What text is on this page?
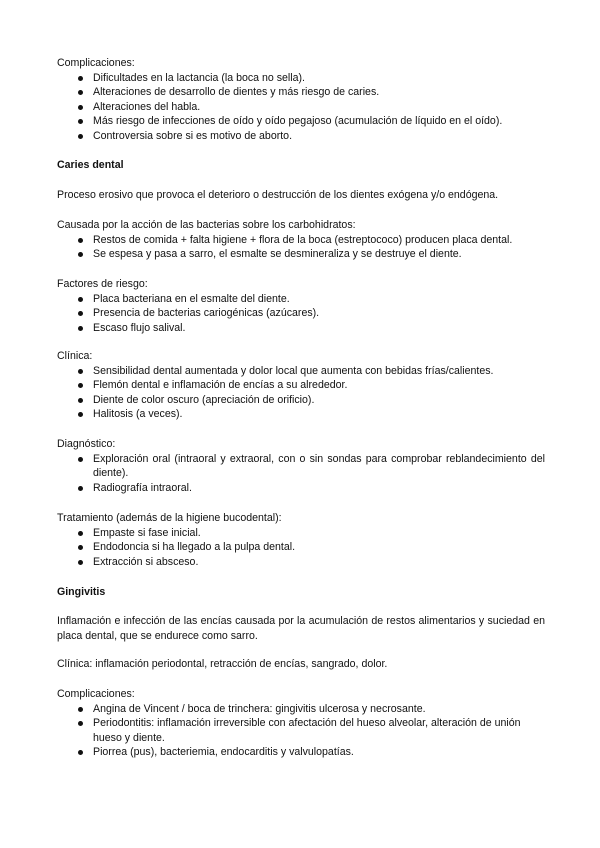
Complicaciones:
Dificultades en la lactancia (la boca no sella).
Alteraciones de desarrollo de dientes y más riesgo de caries.
Alteraciones del habla.
Más riesgo de infecciones de oído y oído pegajoso (acumulación de líquido en el oído).
Controversia sobre si es motivo de aborto.
Caries dental
Proceso erosivo que provoca el deterioro o destrucción de los dientes exógena y/o endógena.
Causada por la acción de las bacterias sobre los carbohidratos:
Restos de comida + falta higiene + flora de la boca (estreptococo) producen placa dental.
Se espesa y pasa a sarro, el esmalte se desmineraliza y se destruye el diente.
Factores de riesgo:
Placa bacteriana en el esmalte del diente.
Presencia de bacterias cariogénicas (azúcares).
Escaso flujo salival.
Clínica:
Sensibilidad dental aumentada y dolor local que aumenta con bebidas frías/calientes.
Flemón dental e inflamación de encías a su alrededor.
Diente de color oscuro (apreciación de orificio).
Halitosis (a veces).
Diagnóstico:
Exploración oral (intraoral y extraoral, con o sin sondas para comprobar reblandecimiento del diente).
Radiografía intraoral.
Tratamiento (además de la higiene bucodental):
Empaste si fase inicial.
Endodoncia si ha llegado a la pulpa dental.
Extracción si absceso.
Gingivitis
Inflamación e infección de las encías causada por la acumulación de restos alimentarios y suciedad en placa dental, que se endurece como sarro.
Clínica: inflamación periodontal, retracción de encías, sangrado, dolor.
Complicaciones:
Angina de Vincent / boca de trinchera: gingivitis ulcerosa y necrosante.
Periodontitis: inflamación irreversible con afectación del hueso alveolar, alteración de unión hueso y diente.
Piorrea (pus), bacteriemia, endocarditis y valvulopatías.
